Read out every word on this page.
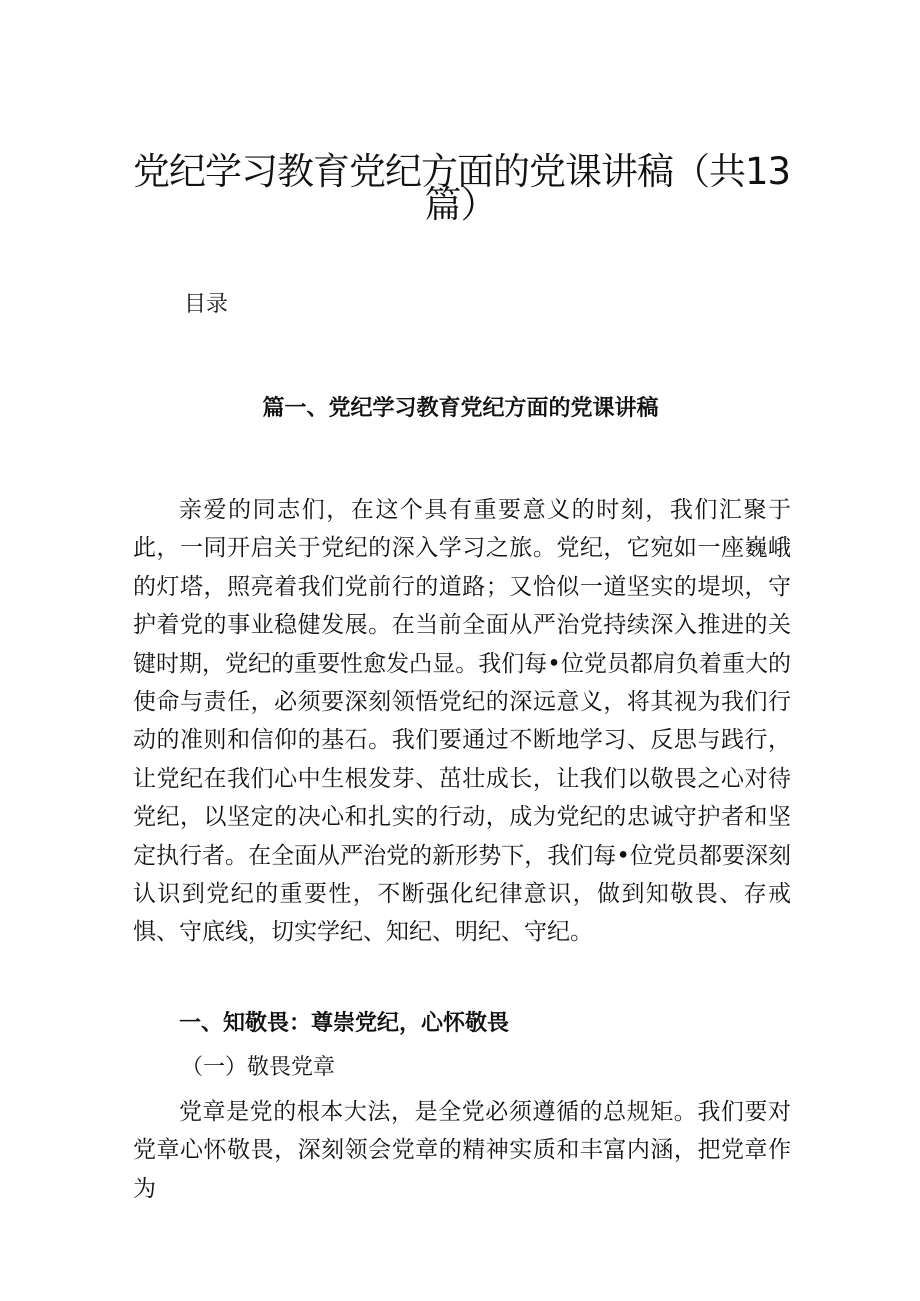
党纪学习教育党纪方面的党课讲稿（共13
篇）
目录
篇一、党纪学习教育党纪方面的党课讲稿

亲爱的同志们，在这个具有重要意义的时刻，我们汇聚于此，一同开启关于党纪的深入学习之旅。党纪，它宛如一座巍峨的灯塔，照亮着我们党前行的道路；又恰似一道坚实的堤坝，守护着党的事业稳健发展。在当前全面从严治党持续深入推进的关键时期，党纪的重要性愈发凸显。我们每•位党员都肩负着重大的使命与责任，必须要深刻领悟党纪的深远意义，将其视为我们行动的准则和信仰的基石。我们要通过不断地学习、反思与践行，让党纪在我们心中生根发芽、茁壮成长，让我们以敬畏之心对待党纪，以坚定的决心和扎实的行动，成为党纪的忠诚守护者和坚定执行者。在全面从严治党的新形势下，我们每•位党员都要深刻认识到党纪的重要性，不断强化纪律意识，做到知敬畏、存戒惧、守底线，切实学纪、知纪、明纪、守纪。

一、知敬畏：尊崇党纪，心怀敬畏
（一）敬畏党章

党章是党的根本大法，是全党必须遵循的总规矩。我们要对党章心怀敬畏，深刻领会党章的精神实质和丰富内涵，把党章作为
